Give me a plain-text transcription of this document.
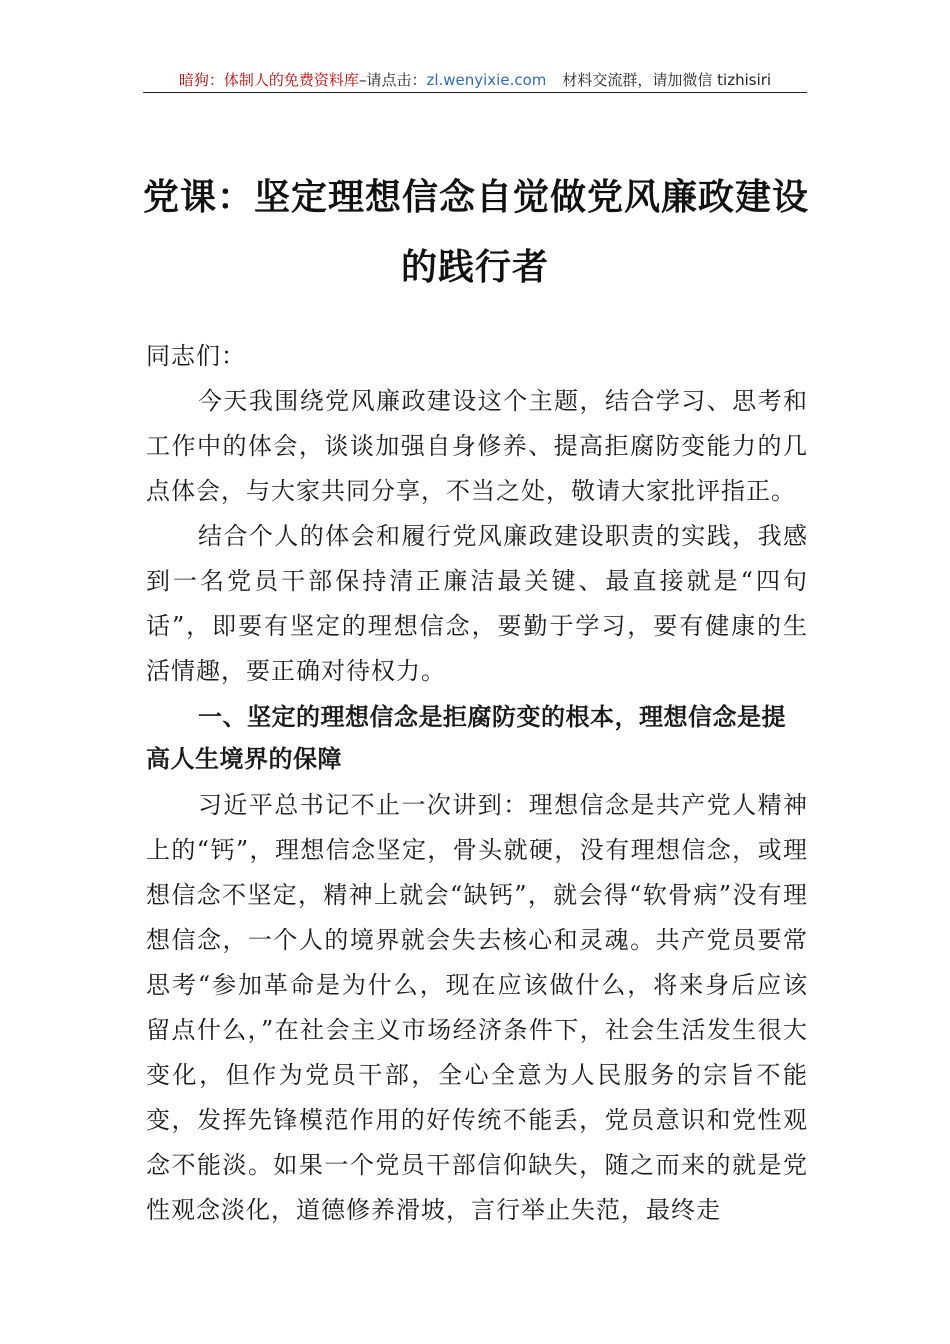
暗狗：体制人的免费资料库 –请点击： zl.wenyixie.com 材料交流群，请加微信 tizhisiri
党课：坚定理想信念自觉做党风廉政建设
的践行者

同志们：

今天我围绕党风廉政建设这个主题，结合学习、思考和工作中的体会，谈谈加强自身修养、提高拒腐防变能力的几点体会，与大家共同分享，不当之处，敬请大家批评指正。

结合个人的体会和履行党风廉政建设职责的实践，我感到一名党员干部保持清正廉洁最关键、最直接就是“四句话”，即要有坚定的理想信念，要勤于学习，要有健康的生活情趣，要正确对待权力。

一、坚定的理想信念是拒腐防变的根本，理想信念是提高人生境界的保障

习近平总书记不止一次讲到：理想信念是共产党人精神上的“钙”，理想信念坚定，骨头就硬，没有理想信念，或理想信念不坚定，精神上就会“缺钙”，就会得“软骨病”没有理想信念，一个人的境界就会失去核心和灵魂。共产党员要常思考“参加革命是为什么，现在应该做什么，将来身后应该留点什么，”在社会主义市场经济条件下，社会生活发生很大变化，但作为党员干部，全心全意为人民服务的宗旨不能变，发挥先锋模范作用的好传统不能丢，党员意识和党性观念不能淡。如果一个党员干部信仰缺失，随之而来的就是党性观念淡化，道德修养滑坡，言行举止失范，最终走
